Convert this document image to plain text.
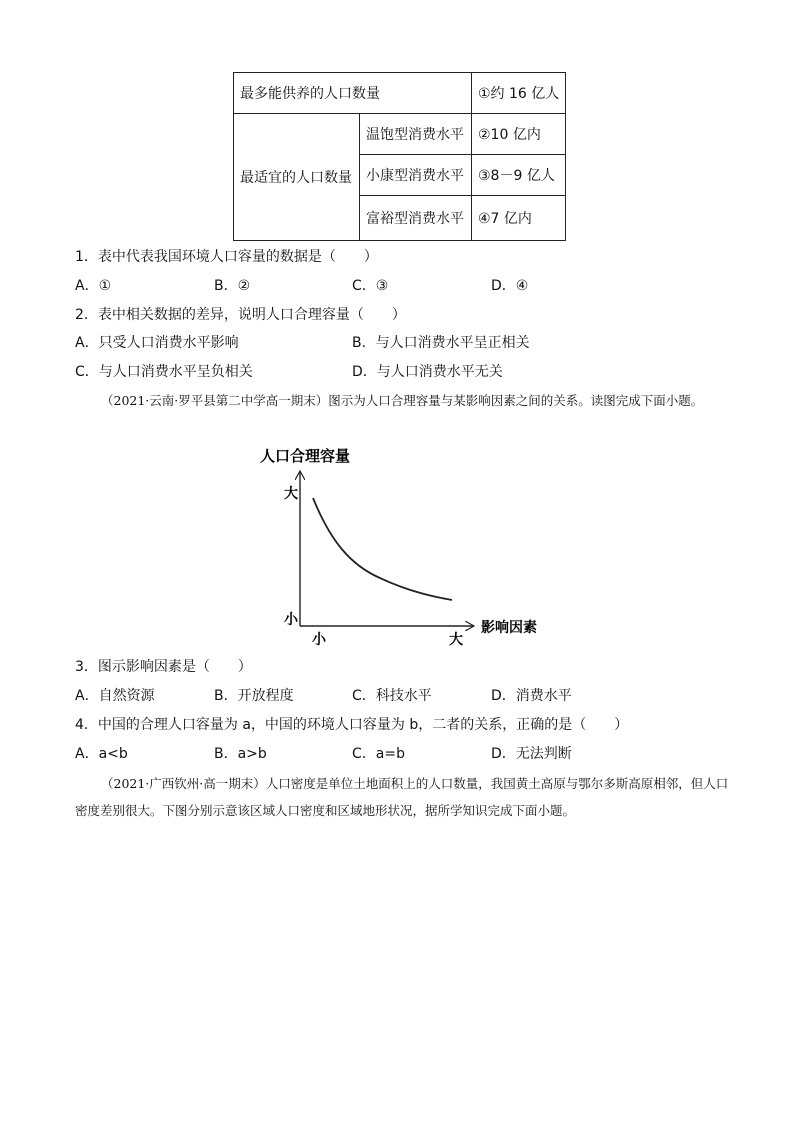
最多能供养的人口数量		①约 16 亿人
最适宜的人口数量	温饱型消费水平	②10 亿内
	小康型消费水平	③8－9 亿人
	富裕型消费水平	④7 亿内
1．表中代表我国环境人口容量的数据是（　　）
A．①	B．②	C．③	D．④
2．表中相关数据的差异，说明人口合理容量（　　）
A．只受人口消费水平影响	B．与人口消费水平呈正相关
C．与人口消费水平呈负相关	D．与人口消费水平无关
（2021·云南·罗平县第二中学高一期末）图示为人口合理容量与某影响因素之间的关系。读图完成下面小题。
人口合理容量
大
小
小	大
影响因素
3．图示影响因素是（　　）
A．自然资源	B．开放程度	C．科技水平	D．消费水平
4．中国的合理人口容量为 a，中国的环境人口容量为 b，二者的关系，正确的是（　　）
A．a<b	B．a>b	C．a=b	D．无法判断
（2021·广西钦州·高一期末）人口密度是单位土地面积上的人口数量，我国黄土高原与鄂尔多斯高原相邻，但人口密度差别很大。下图分别示意该区域人口密度和区域地形状况，据所学知识完成下面小题。
